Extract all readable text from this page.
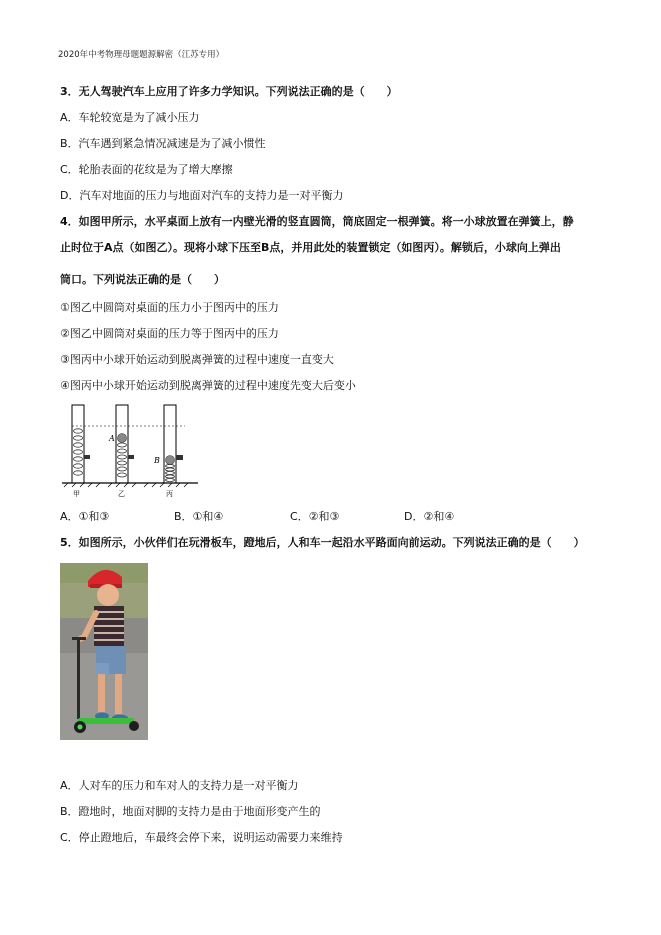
2020年中考物理母题题源解密（江苏专用）
3．无人驾驶汽车上应用了许多力学知识。下列说法正确的是（　　）
A．车轮较宽是为了减小压力
B．汽车遇到紧急情况减速是为了减小惯性
C．轮胎表面的花纹是为了增大摩擦
D．汽车对地面的压力与地面对汽车的支持力是一对平衡力
4．如图甲所示，水平桌面上放有一内壁光滑的竖直圆筒，筒底固定一根弹簧。将一小球放置在弹簧上，静
止时位于A点（如图乙）。现将小球下压至B点，并用此处的装置锁定（如图丙）。解锁后，小球向上弹出
筒口。下列说法正确的是（　　）
①图乙中圆筒对桌面的压力小于图丙中的压力
②图乙中圆筒对桌面的压力等于图丙中的压力
③图丙中小球开始运动到脱离弹簧的过程中速度一直变大
④图丙中小球开始运动到脱离弹簧的过程中速度先变大后变小
A
B
甲	乙	丙
A．①和③	B．①和④	C．②和③	D．②和④
5．如图所示，小伙伴们在玩滑板车，蹬地后，人和车一起沿水平路面向前运动。下列说法正确的是（　　）
A．人对车的压力和车对人的支持力是一对平衡力
B．蹬地时，地面对脚的支持力是由于地面形变产生的
C．停止蹬地后，车最终会停下来，说明运动需要力来维持
